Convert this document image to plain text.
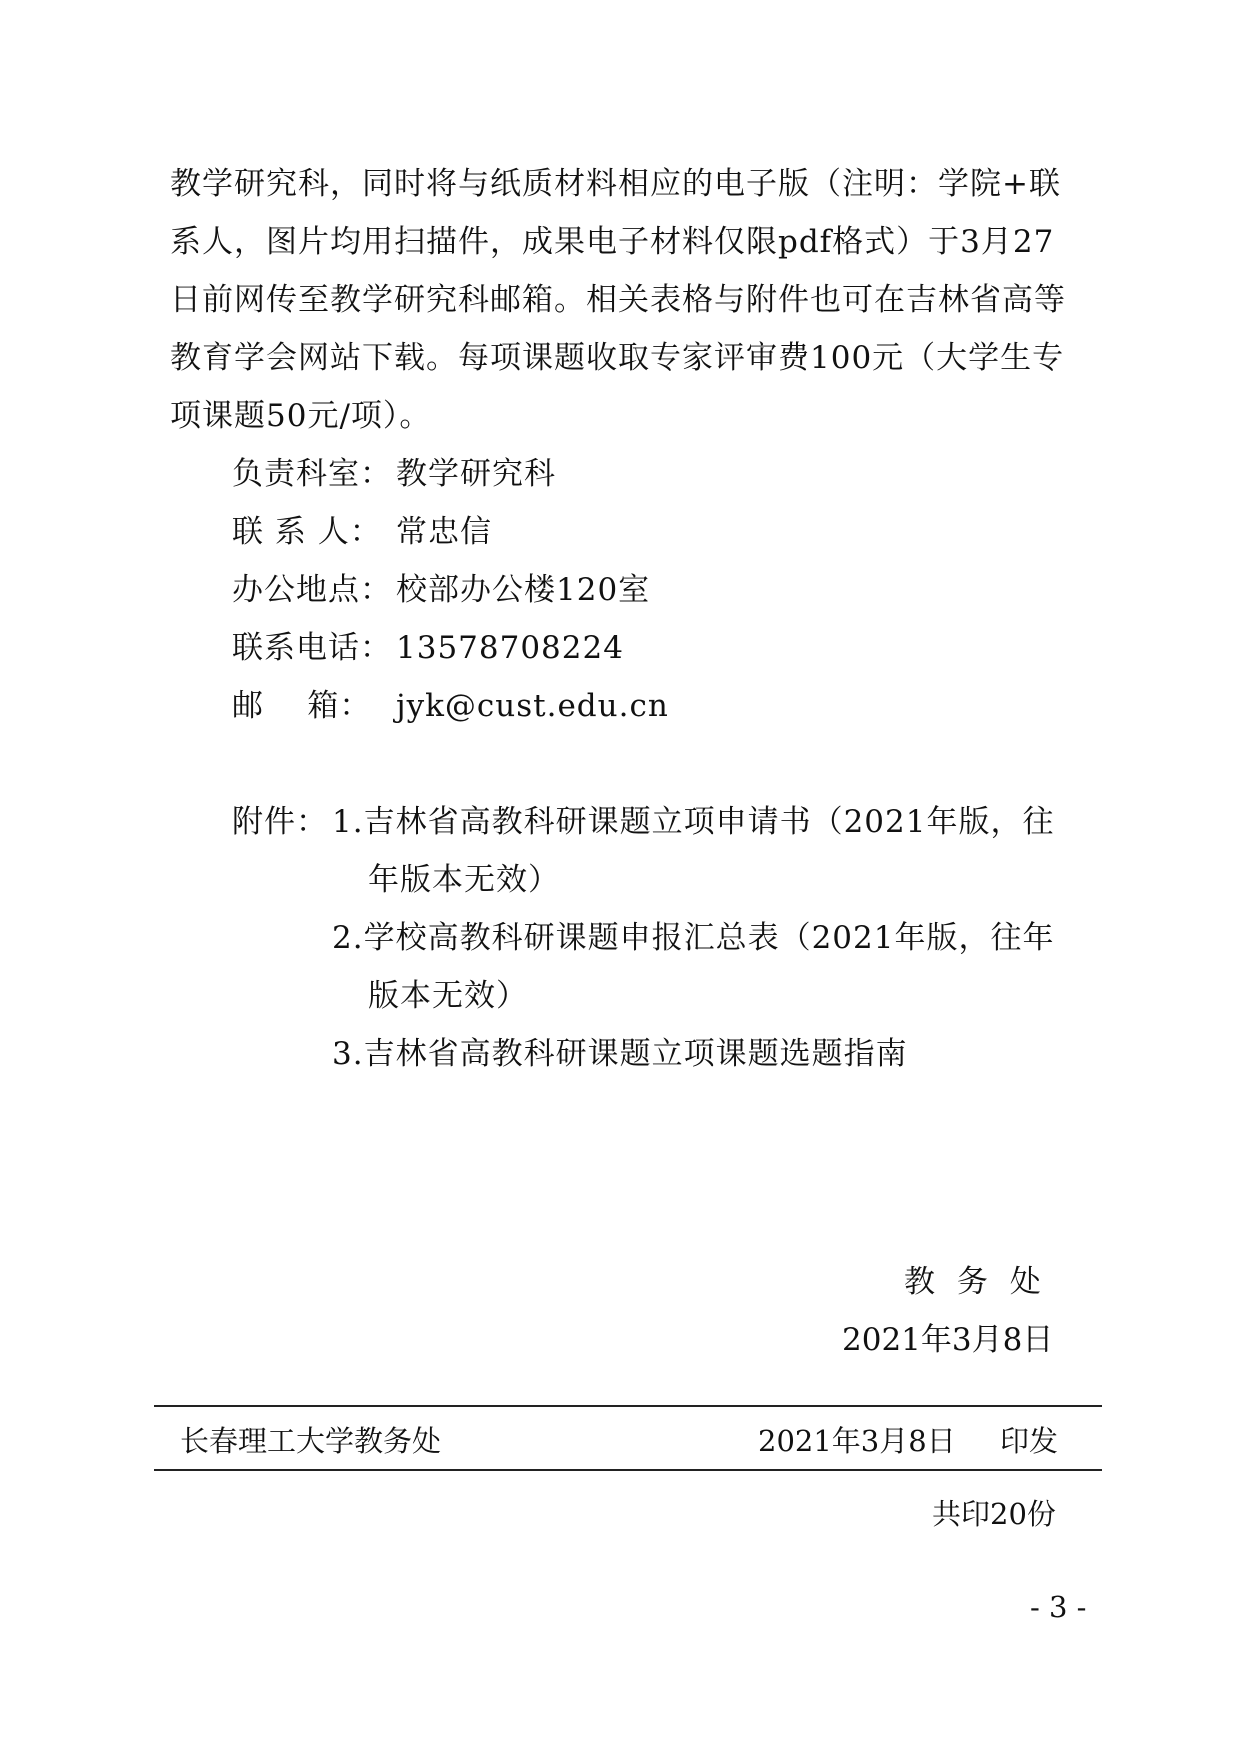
教学研究科，同时将与纸质材料相应的电子版（注明：学院+联
系人，图片均用扫描件，成果电子材料仅限pdf格式）于3月27
日前网传至教学研究科邮箱。相关表格与附件也可在吉林省高等
教育学会网站下载。每项课题收取专家评审费100元（大学生专
项课题50元/项）。
负责科室： 教学研究科
联 系 人： 常忠信
办公地点： 校部办公楼120室
联系电话： 13578708224
邮    箱： jyk@cust.edu.cn
附件： 1.吉林省高教科研课题立项申请书（2021年版，往
年版本无效）
2.学校高教科研课题申报汇总表（2021年版，往年
版本无效）
3.吉林省高教科研课题立项课题选题指南
教 务 处
2021年3月8日
长春理工大学教务处	2021年3月8日 印发
共印20份
- 3 -
